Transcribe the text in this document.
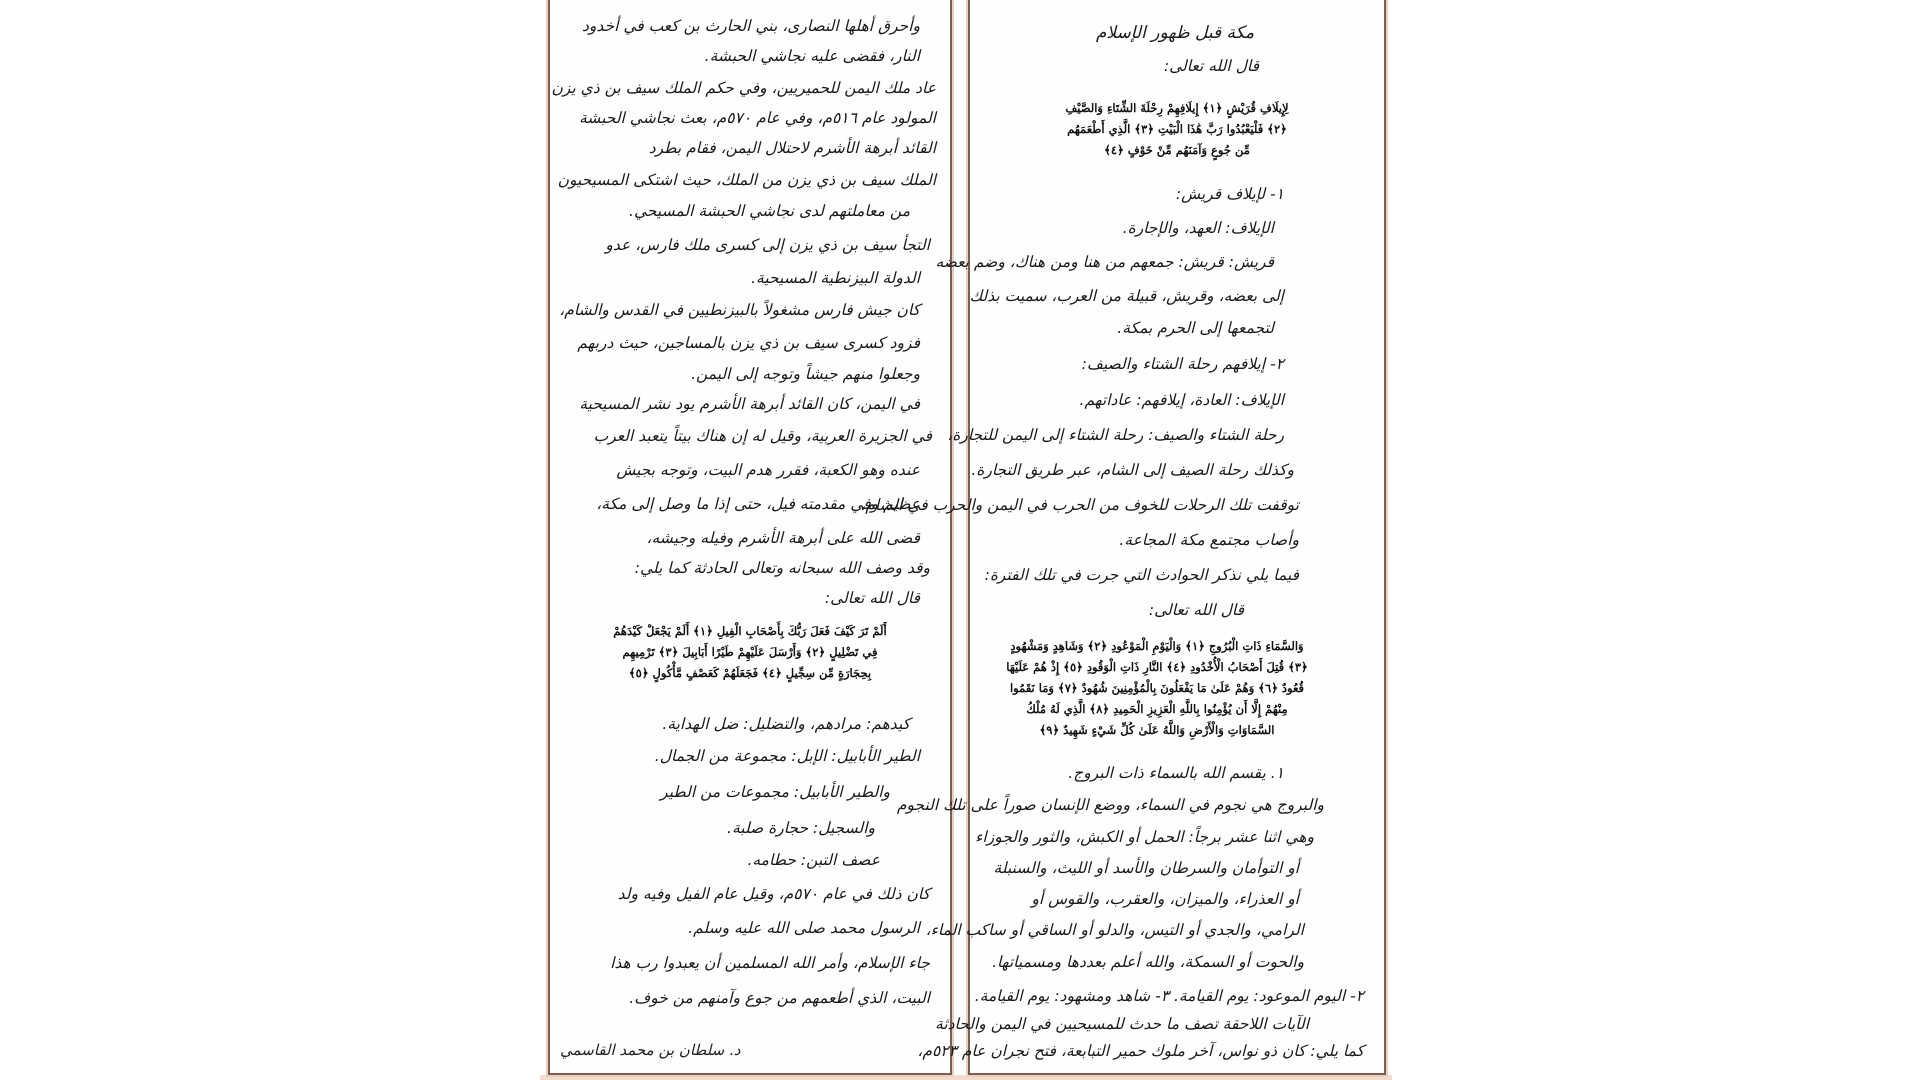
وأحرق أهلها النصارى، بني الحارث بن كعب في أخدود
النار، فقضى عليه نجاشي الحبشة.
عاد ملك اليمن للحميريين، وفي حكم الملك سيف بن ذي يزن
المولود عام ٥١٦م، وفي عام ٥٧٠م، بعث نجاشي الحبشة
القائد أبرهة الأشرم لاحتلال اليمن، فقام بطرد
الملك سيف بن ذي يزن من الملك، حيث اشتكى المسيحيون
من معاملتهم لدى نجاشي الحبشة المسيحي.
التجأ سيف بن ذي يزن إلى كسرى ملك فارس، عدو
الدولة البيزنطية المسيحية.
كان جيش فارس مشغولاً بالبيزنطيين في القدس والشام،
فزود كسرى سيف بن ذي يزن بالمساجين، حيث دربهم
وجعلوا منهم جيشاً وتوجه إلى اليمن.
في اليمن، كان القائد أبرهة الأشرم يود نشر المسيحية
في الجزيرة العربية، وقيل له إن هناك بيتاً يتعبد العرب
عنده وهو الكعبة، فقرر هدم البيت، وتوجه بجيش
عظيم وفي مقدمته فيل، حتى إذا ما وصل إلى مكة،
قضى الله على أبرهة الأشرم وفيله وجيشه،
وقد وصف الله سبحانه وتعالى الحادثة كما يلي:
قال الله تعالى:
أَلَمْ تَرَ كَيْفَ فَعَلَ رَبُّكَ بِأَصْحَابِ الْفِيلِ ﴿١﴾ أَلَمْ يَجْعَلْ كَيْدَهُمْ
فِي تَضْلِيلٍ ﴿٢﴾ وَأَرْسَلَ عَلَيْهِمْ طَيْرًا أَبَابِيلَ ﴿٣﴾ تَرْمِيهِم
بِحِجَارَةٍ مِّن سِجِّيلٍ ﴿٤﴾ فَجَعَلَهُمْ كَعَصْفٍ مَّأْكُولٍ ﴿٥﴾
كيدهم: مرادهم، والتضليل: ضل الهداية.
الطير الأبابيل: الإبل: مجموعة من الجمال.
والطير الأبابيل: مجموعات من الطير
والسجيل: حجارة صلبة.
عصف التبن: حطامه.
كان ذلك في عام ٥٧٠م، وقيل عام الفيل وفيه ولد
الرسول محمد صلى الله عليه وسلم.
جاء الإسلام، وأمر الله المسلمين أن يعبدوا رب هذا
البيت، الذي أطعمهم من جوع وآمنهم من خوف.
د. سلطان بن محمد القاسمي
مكة قبل ظهور الإسلام
قال الله تعالى:
لِإِيلَافِ قُرَيْشٍ ﴿١﴾ إِيلَافِهِمْ رِحْلَةَ الشِّتَاءِ وَالصَّيْفِ
﴿٢﴾ فَلْيَعْبُدُوا رَبَّ هَٰذَا الْبَيْتِ ﴿٣﴾ الَّذِي أَطْعَمَهُم
مِّن جُوعٍ وَآمَنَهُم مِّنْ خَوْفٍ ﴿٤﴾
١- لإيلاف قريش:
الإيلاف: العهد، والإجارة.
قريش: قريش: جمعهم من هنا ومن هناك، وضم بعضه
إلى بعضه، وقريش، قبيلة من العرب، سميت بذلك
لتجمعها إلى الحرم بمكة.
٢- إيلافهم رحلة الشتاء والصيف:
الإيلاف: العادة، إيلافهم: عاداتهم.
رحلة الشتاء والصيف: رحلة الشتاء إلى اليمن للتجارة،
وكذلك رحلة الصيف إلى الشام، عبر طريق التجارة.
توقفت تلك الرحلات للخوف من الحرب في اليمن والحرب في الشام،
وأصاب مجتمع مكة المجاعة.
فيما يلي نذكر الحوادث التي جرت في تلك الفترة:
قال الله تعالى:
وَالسَّمَاءِ ذَاتِ الْبُرُوجِ ﴿١﴾ وَالْيَوْمِ الْمَوْعُودِ ﴿٢﴾ وَشَاهِدٍ وَمَشْهُودٍ
﴿٣﴾ قُتِلَ أَصْحَابُ الْأُخْدُودِ ﴿٤﴾ النَّارِ ذَاتِ الْوَقُودِ ﴿٥﴾ إِذْ هُمْ عَلَيْهَا
قُعُودٌ ﴿٦﴾ وَهُمْ عَلَىٰ مَا يَفْعَلُونَ بِالْمُؤْمِنِينَ شُهُودٌ ﴿٧﴾ وَمَا نَقَمُوا
مِنْهُمْ إِلَّا أَن يُؤْمِنُوا بِاللَّهِ الْعَزِيزِ الْحَمِيدِ ﴿٨﴾ الَّذِي لَهُ مُلْكُ
السَّمَاوَاتِ وَالْأَرْضِ وَاللَّهُ عَلَىٰ كُلِّ شَيْءٍ شَهِيدٌ ﴿٩﴾
١. يقسم الله بالسماء ذات البروج.
والبروج هي نجوم في السماء، ووضع الإنسان صوراً على تلك النجوم
وهي اثنا عشر برجاً: الحمل أو الكبش، والثور والجوزاء
أو التوأمان والسرطان والأسد أو الليث، والسنبلة
أو العذراء، والميزان، والعقرب، والقوس أو
الرامي، والجدي أو التيس، والدلو أو الساقي أو ساكب الماء،
والحوت أو السمكة، والله أعلم بعددها ومسمياتها.
٢- اليوم الموعود: يوم القيامة. ٣- شاهد ومشهود: يوم القيامة.
الآيات اللاحقة تصف ما حدث للمسيحيين في اليمن والحادثة
كما يلي: كان ذو نواس، آخر ملوك حمير التبابعة، فتح نجران عام ٥٢٣م،
